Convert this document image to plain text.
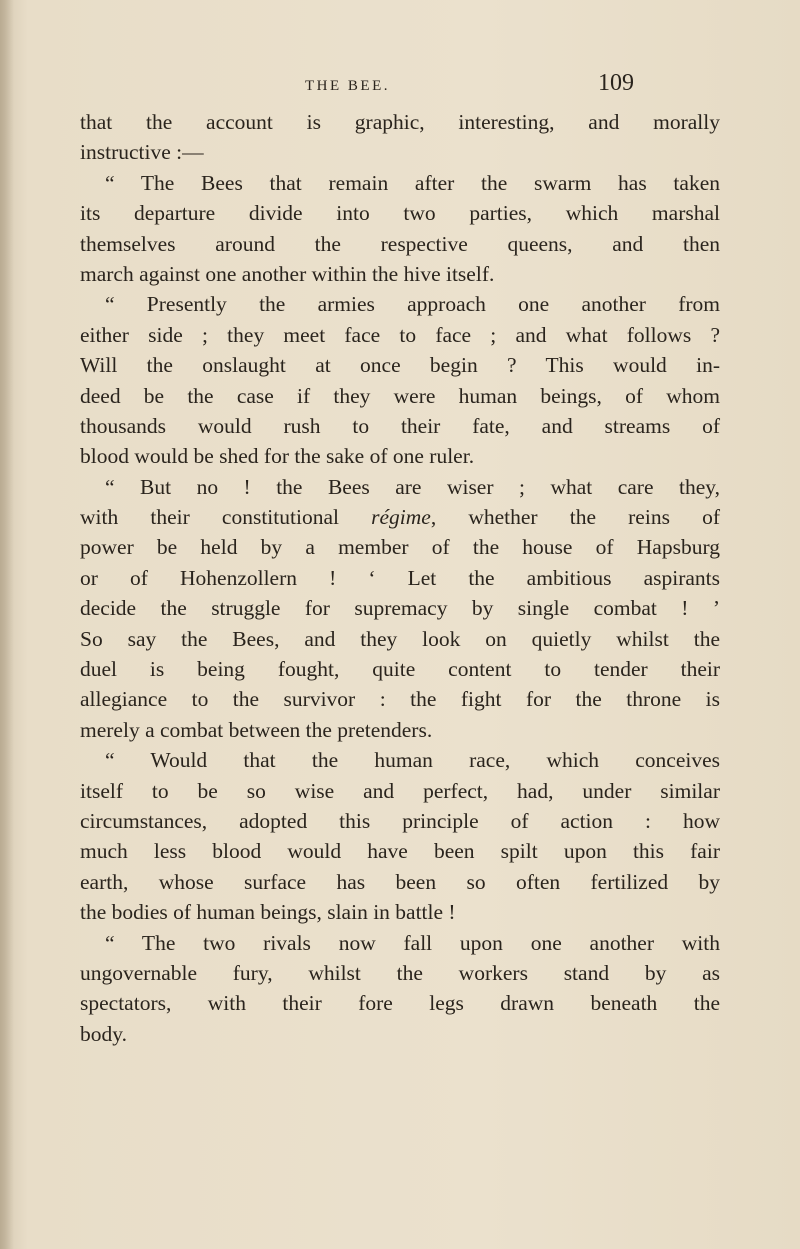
THE BEE.	109
that the account is graphic, interesting, and morally
instructive :—
“ The Bees that remain after the swarm has taken
its departure divide into two parties, which marshal
themselves around the respective queens, and then
march against one another within the hive itself.
“ Presently the armies approach one another from
either side ; they meet face to face ; and what follows ?
Will the onslaught at once begin ? This would in-
deed be the case if they were human beings, of whom
thousands would rush to their fate, and streams of
blood would be shed for the sake of one ruler.
“ But no ! the Bees are wiser ; what care they,
with their constitutional régime, whether the reins of
power be held by a member of the house of Hapsburg
or of Hohenzollern ! ‘ Let the ambitious aspirants
decide the struggle for supremacy by single combat ! ’
So say the Bees, and they look on quietly whilst the
duel is being fought, quite content to tender their
allegiance to the survivor : the fight for the throne is
merely a combat between the pretenders.
“ Would that the human race, which conceives
itself to be so wise and perfect, had, under similar
circumstances, adopted this principle of action : how
much less blood would have been spilt upon this fair
earth, whose surface has been so often fertilized by
the bodies of human beings, slain in battle !
“ The two rivals now fall upon one another with
ungovernable fury, whilst the workers stand by as
spectators, with their fore legs drawn beneath the
body.
